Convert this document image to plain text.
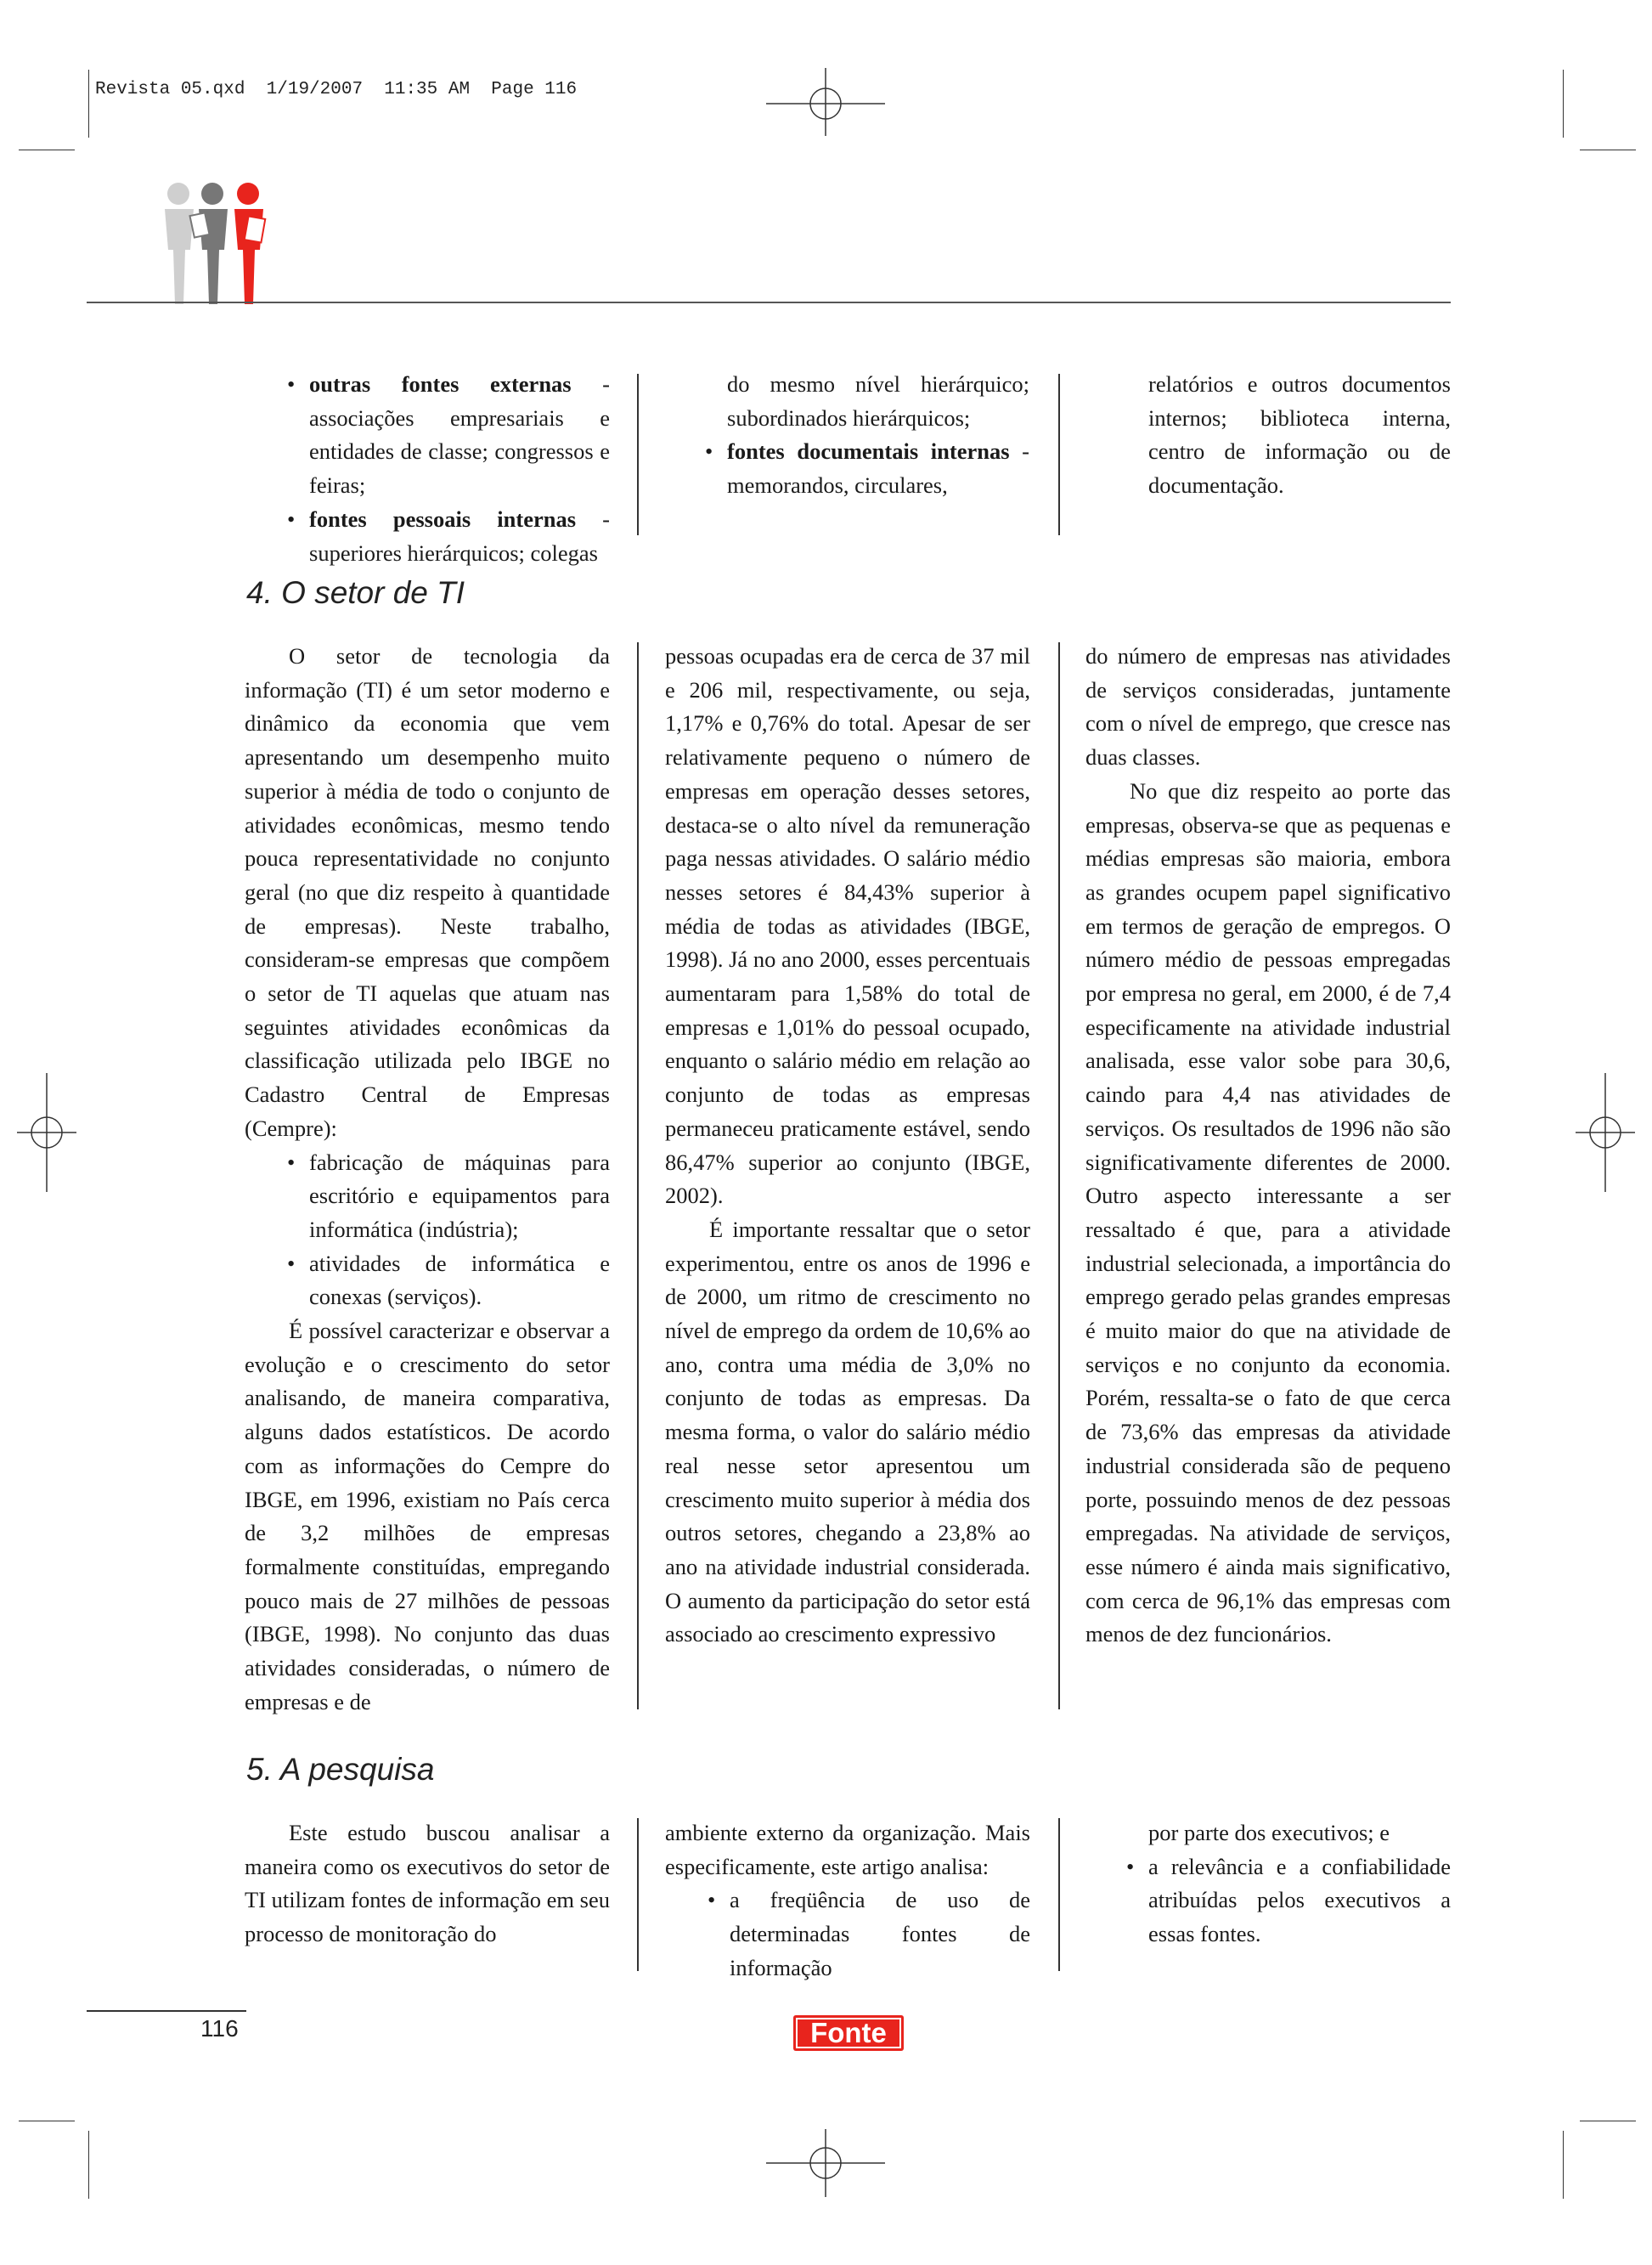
Revista 05.qxd  1/19/2007  11:35 AM  Page 116
• outras fontes externas - associações empresariais e entidades de classe; congressos e feiras;
• fontes pessoais internas - superiores hierárquicos; colegas

do mesmo nível hierárquico; subordinados hierárquicos;

• fontes documentais internas - memorandos, circulares,

relatórios e outros documentos internos; biblioteca interna, centro de informação ou de documentação.

4. O setor de TI

O setor de tecnologia da informação (TI) é um setor moderno e dinâmico da economia que vem apresentando um desempenho muito superior à média de todo o conjunto de atividades econômicas, mesmo tendo pouca representatividade no conjunto geral (no que diz respeito à quantidade de empresas). Neste trabalho, consideram-se empresas que compõem o setor de TI aquelas que atuam nas seguintes atividades econômicas da classificação utilizada pelo IBGE no Cadastro Central de Empresas (Cempre):

• fabricação de máquinas para escritório e equipamentos para informática (indústria);
• atividades de informática e conexas (serviços).

É possível caracterizar e observar a evolução e o crescimento do setor analisando, de maneira comparativa, alguns dados estatísticos. De acordo com as informações do Cempre do IBGE, em 1996, existiam no País cerca de 3,2 milhões de empresas formalmente constituídas, empregando pouco mais de 27 milhões de pessoas (IBGE, 1998). No conjunto das duas atividades consideradas, o número de empresas e de

pessoas ocupadas era de cerca de 37 mil e 206 mil, respectivamente, ou seja, 1,17% e 0,76% do total. Apesar de ser relativamente pequeno o número de empresas em operação desses setores, destaca-se o alto nível da remuneração paga nessas atividades. O salário médio nesses setores é 84,43% superior à média de todas as atividades (IBGE, 1998). Já no ano 2000, esses percentuais aumentaram para 1,58% do total de empresas e 1,01% do pessoal ocupado, enquanto o salário médio em relação ao conjunto de todas as empresas permaneceu praticamente estável, sendo 86,47% superior ao conjunto (IBGE, 2002).

É importante ressaltar que o setor experimentou, entre os anos de 1996 e de 2000, um ritmo de crescimento no nível de emprego da ordem de 10,6% ao ano, contra uma média de 3,0% no conjunto de todas as empresas. Da mesma forma, o valor do salário médio real nesse setor apresentou um crescimento muito superior à média dos outros setores, chegando a 23,8% ao ano na atividade industrial considerada. O aumento da participação do setor está associado ao crescimento expressivo

do número de empresas nas atividades de serviços consideradas, juntamente com o nível de emprego, que cresce nas duas classes.

No que diz respeito ao porte das empresas, observa-se que as pequenas e médias empresas são maioria, embora as grandes ocupem papel significativo em termos de geração de empregos. O número médio de pessoas empregadas por empresa no geral, em 2000, é de 7,4 especificamente na atividade industrial analisada, esse valor sobe para 30,6, caindo para 4,4 nas atividades de serviços. Os resultados de 1996 não são significativamente diferentes de 2000. Outro aspecto interessante a ser ressaltado é que, para a atividade industrial selecionada, a importância do emprego gerado pelas grandes empresas é muito maior do que na atividade de serviços e no conjunto da economia. Porém, ressalta-se o fato de que cerca de 73,6% das empresas da atividade industrial considerada são de pequeno porte, possuindo menos de dez pessoas empregadas. Na atividade de serviços, esse número é ainda mais significativo, com cerca de 96,1% das empresas com menos de dez funcionários.

5. A pesquisa

Este estudo buscou analisar a maneira como os executivos do setor de TI utilizam fontes de informação em seu processo de monitoração do

ambiente externo da organização. Mais especificamente, este artigo analisa:

• a freqüência de uso de determinadas fontes de informação

por parte dos executivos; e

• a relevância e a confiabilidade atribuídas pelos executivos a essas fontes.
116	Fonte
